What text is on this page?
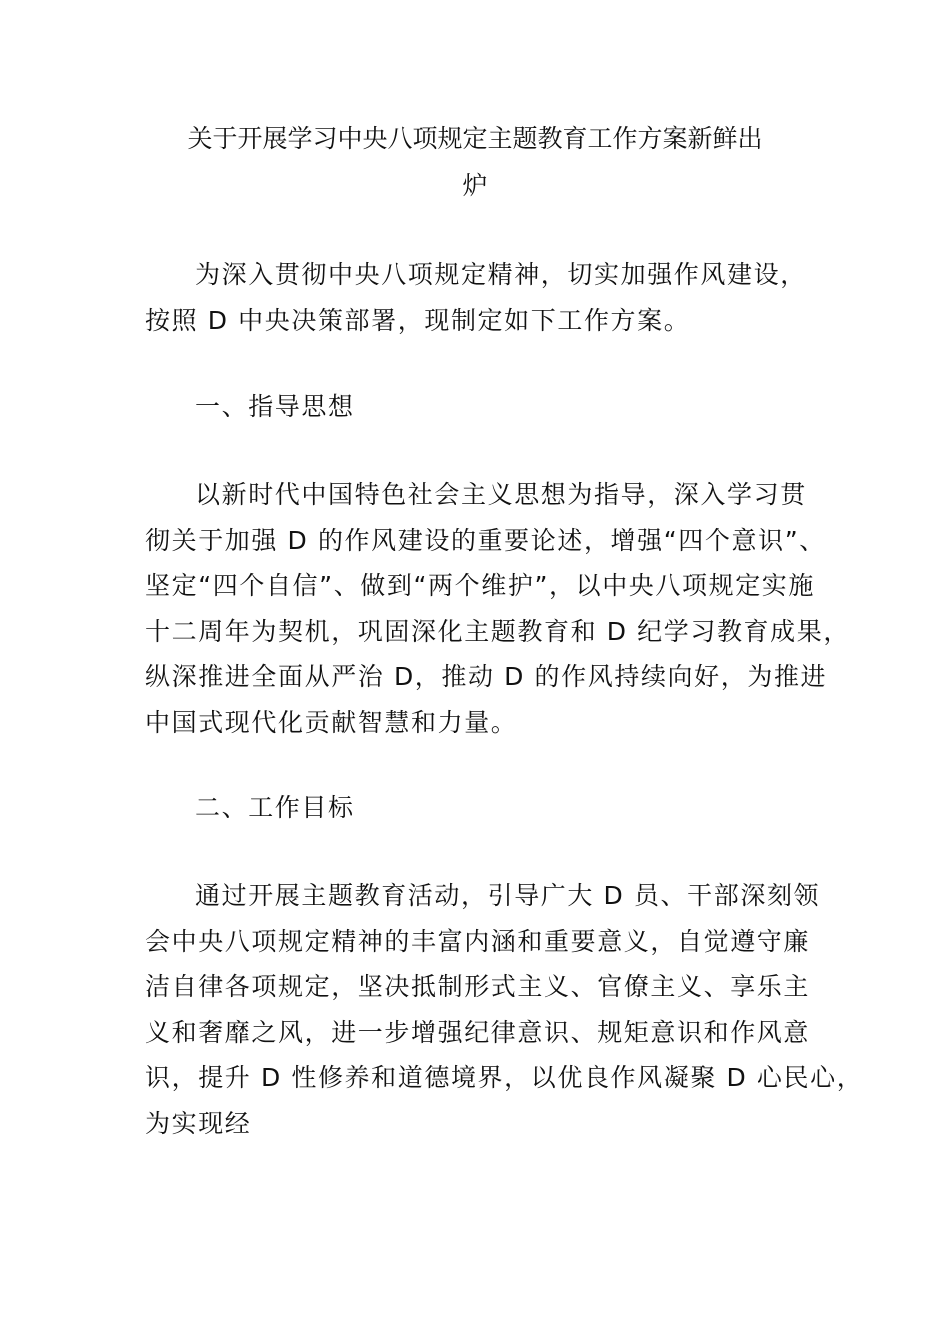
关于开展学习中央八项规定主题教育工作方案新鲜出
炉
为深入贯彻中央八项规定精神，切实加强作风建设，
按照 D 中央决策部署，现制定如下工作方案。
一、指导思想
以新时代中国特色社会主义思想为指导，深入学习贯
彻关于加强 D 的作风建设的重要论述，增强“四个意识”、
坚定“四个自信”、做到“两个维护”，以中央八项规定实施
十二周年为契机，巩固深化主题教育和 D 纪学习教育成果，
纵深推进全面从严治 D，推动 D 的作风持续向好，为推进
中国式现代化贡献智慧和力量。
二、工作目标
通过开展主题教育活动，引导广大 D 员、干部深刻领
会中央八项规定精神的丰富内涵和重要意义，自觉遵守廉
洁自律各项规定，坚决抵制形式主义、官僚主义、享乐主
义和奢靡之风，进一步增强纪律意识、规矩意识和作风意
识，提升 D 性修养和道德境界，以优良作风凝聚 D 心民心，
为实现经
